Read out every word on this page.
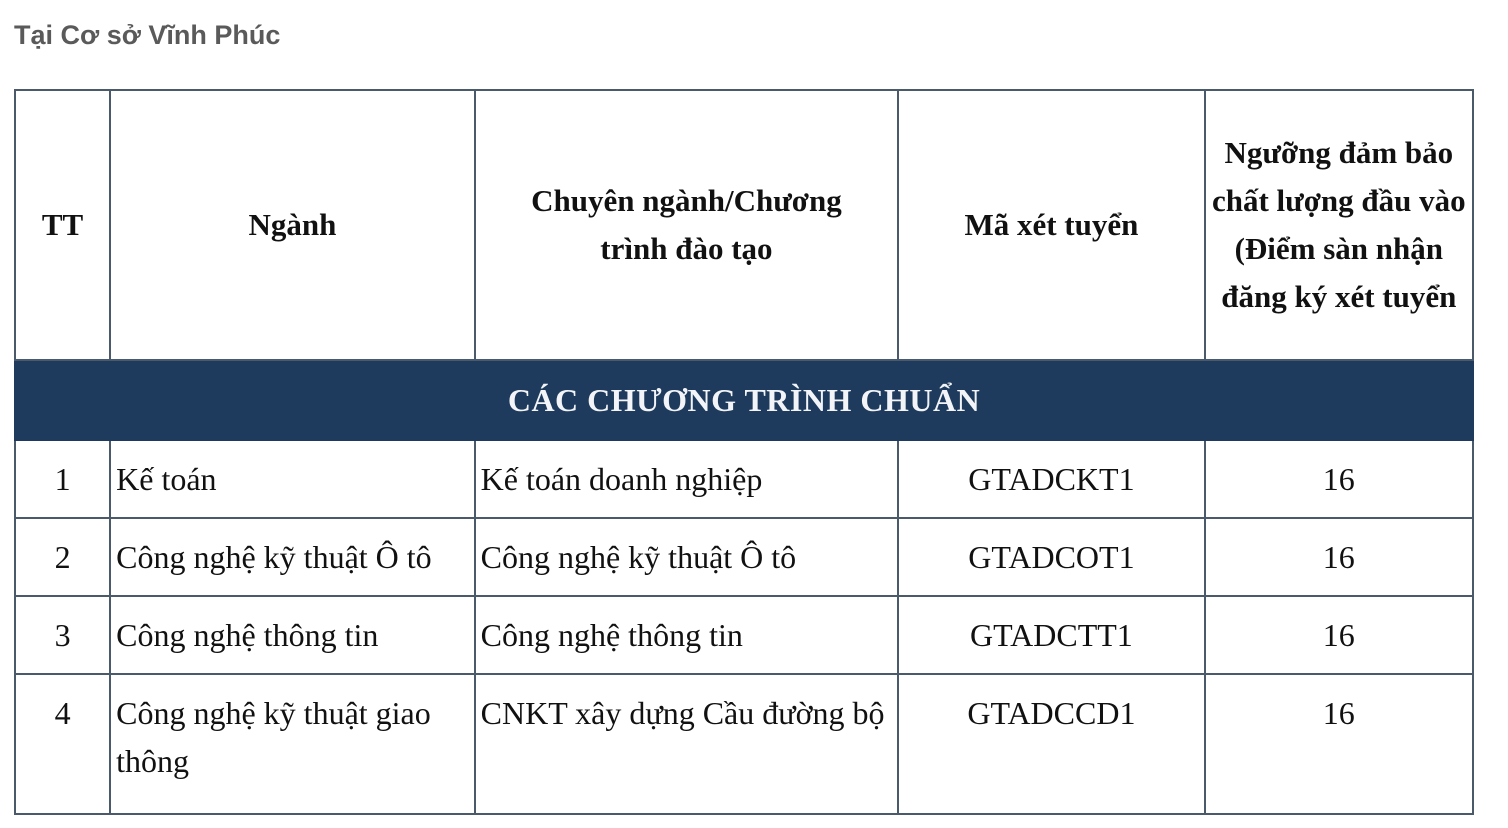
Tại Cơ sở Vĩnh Phúc
TT	Ngành	Chuyên ngành/Chương trình đào tạo	Mã xét tuyển	Ngưỡng đảm bảo chất lượng đầu vào (Điểm sàn nhận đăng ký xét tuyển
CÁC CHƯƠNG TRÌNH CHUẨN				
1	Kế toán	Kế toán doanh nghiệp	GTADCKT1	16
2	Công nghệ kỹ thuật Ô tô	Công nghệ kỹ thuật Ô tô	GTADCOT1	16
3	Công nghệ thông tin	Công nghệ thông tin	GTADCTT1	16
4	Công nghệ kỹ thuật giao thông	CNKT xây dựng Cầu đường bộ	GTADCCD1	16
